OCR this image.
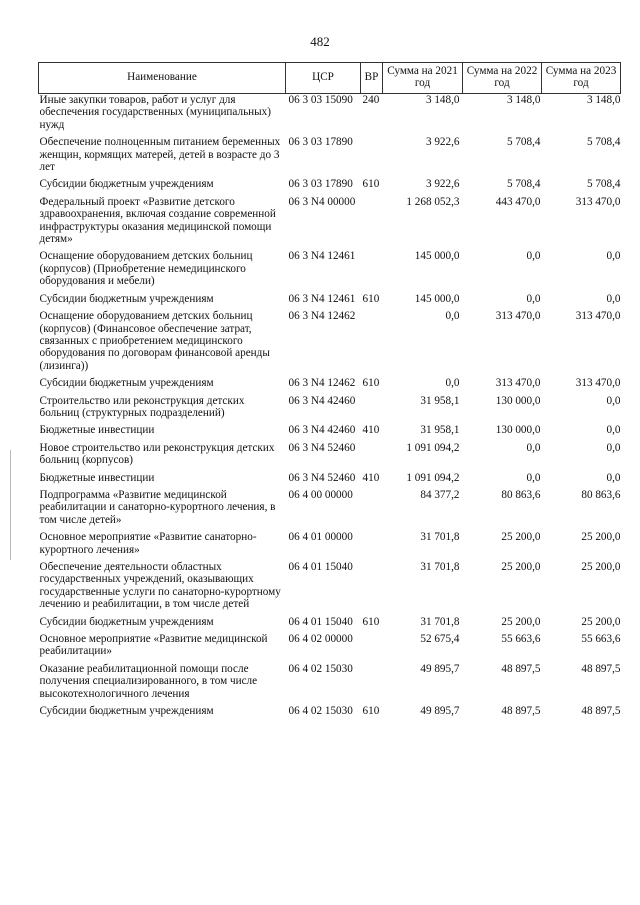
482
Наименование	ЦСР	ВР	Сумма на 2021 год	Сумма на 2022 год	Сумма на 2023 год
Иные закупки товаров, работ и услуг для обеспечения государственных (муниципальных) нужд	06 3 03 15090	240	3 148,0	3 148,0	3 148,0
Обеспечение полноценным питанием беременных женщин, кормящих матерей, детей в возрасте до 3 лет	06 3 03 17890		3 922,6	5 708,4	5 708,4
Субсидии бюджетным учреждениям	06 3 03 17890	610	3 922,6	5 708,4	5 708,4
Федеральный проект «Развитие детского здравоохранения, включая создание современной инфраструктуры оказания медицинской помощи детям»	06 3 N4 00000		1 268 052,3	443 470,0	313 470,0
Оснащение оборудованием детских больниц (корпусов) (Приобретение немедицинского оборудования и мебели)	06 3 N4 12461		145 000,0	0,0	0,0
Субсидии бюджетным учреждениям	06 3 N4 12461	610	145 000,0	0,0	0,0
Оснащение оборудованием детских больниц (корпусов) (Финансовое обеспечение затрат, связанных с приобретением медицинского оборудования по договорам финансовой аренды (лизинга))	06 3 N4 12462		0,0	313 470,0	313 470,0
Субсидии бюджетным учреждениям	06 3 N4 12462	610	0,0	313 470,0	313 470,0
Строительство или реконструкция детских больниц (структурных подразделений)	06 3 N4 42460		31 958,1	130 000,0	0,0
Бюджетные инвестиции	06 3 N4 42460	410	31 958,1	130 000,0	0,0
Новое строительство или реконструкция детских больниц (корпусов)	06 3 N4 52460		1 091 094,2	0,0	0,0
Бюджетные инвестиции	06 3 N4 52460	410	1 091 094,2	0,0	0,0
Подпрограмма «Развитие медицинской реабилитации и санаторно-курортного лечения, в том числе детей»	06 4 00 00000		84 377,2	80 863,6	80 863,6
Основное мероприятие «Развитие санаторно-курортного лечения»	06 4 01 00000		31 701,8	25 200,0	25 200,0
Обеспечение деятельности областных государственных учреждений, оказывающих государственные услуги по санаторно-курортному лечению и реабилитации, в том числе детей	06 4 01 15040		31 701,8	25 200,0	25 200,0
Субсидии бюджетным учреждениям	06 4 01 15040	610	31 701,8	25 200,0	25 200,0
Основное мероприятие «Развитие медицинской реабилитации»	06 4 02 00000		52 675,4	55 663,6	55 663,6
Оказание реабилитационной помощи после получения специализированного, в том числе высокотехнологичного лечения	06 4 02 15030		49 895,7	48 897,5	48 897,5
Субсидии бюджетным учреждениям	06 4 02 15030	610	49 895,7	48 897,5	48 897,5
